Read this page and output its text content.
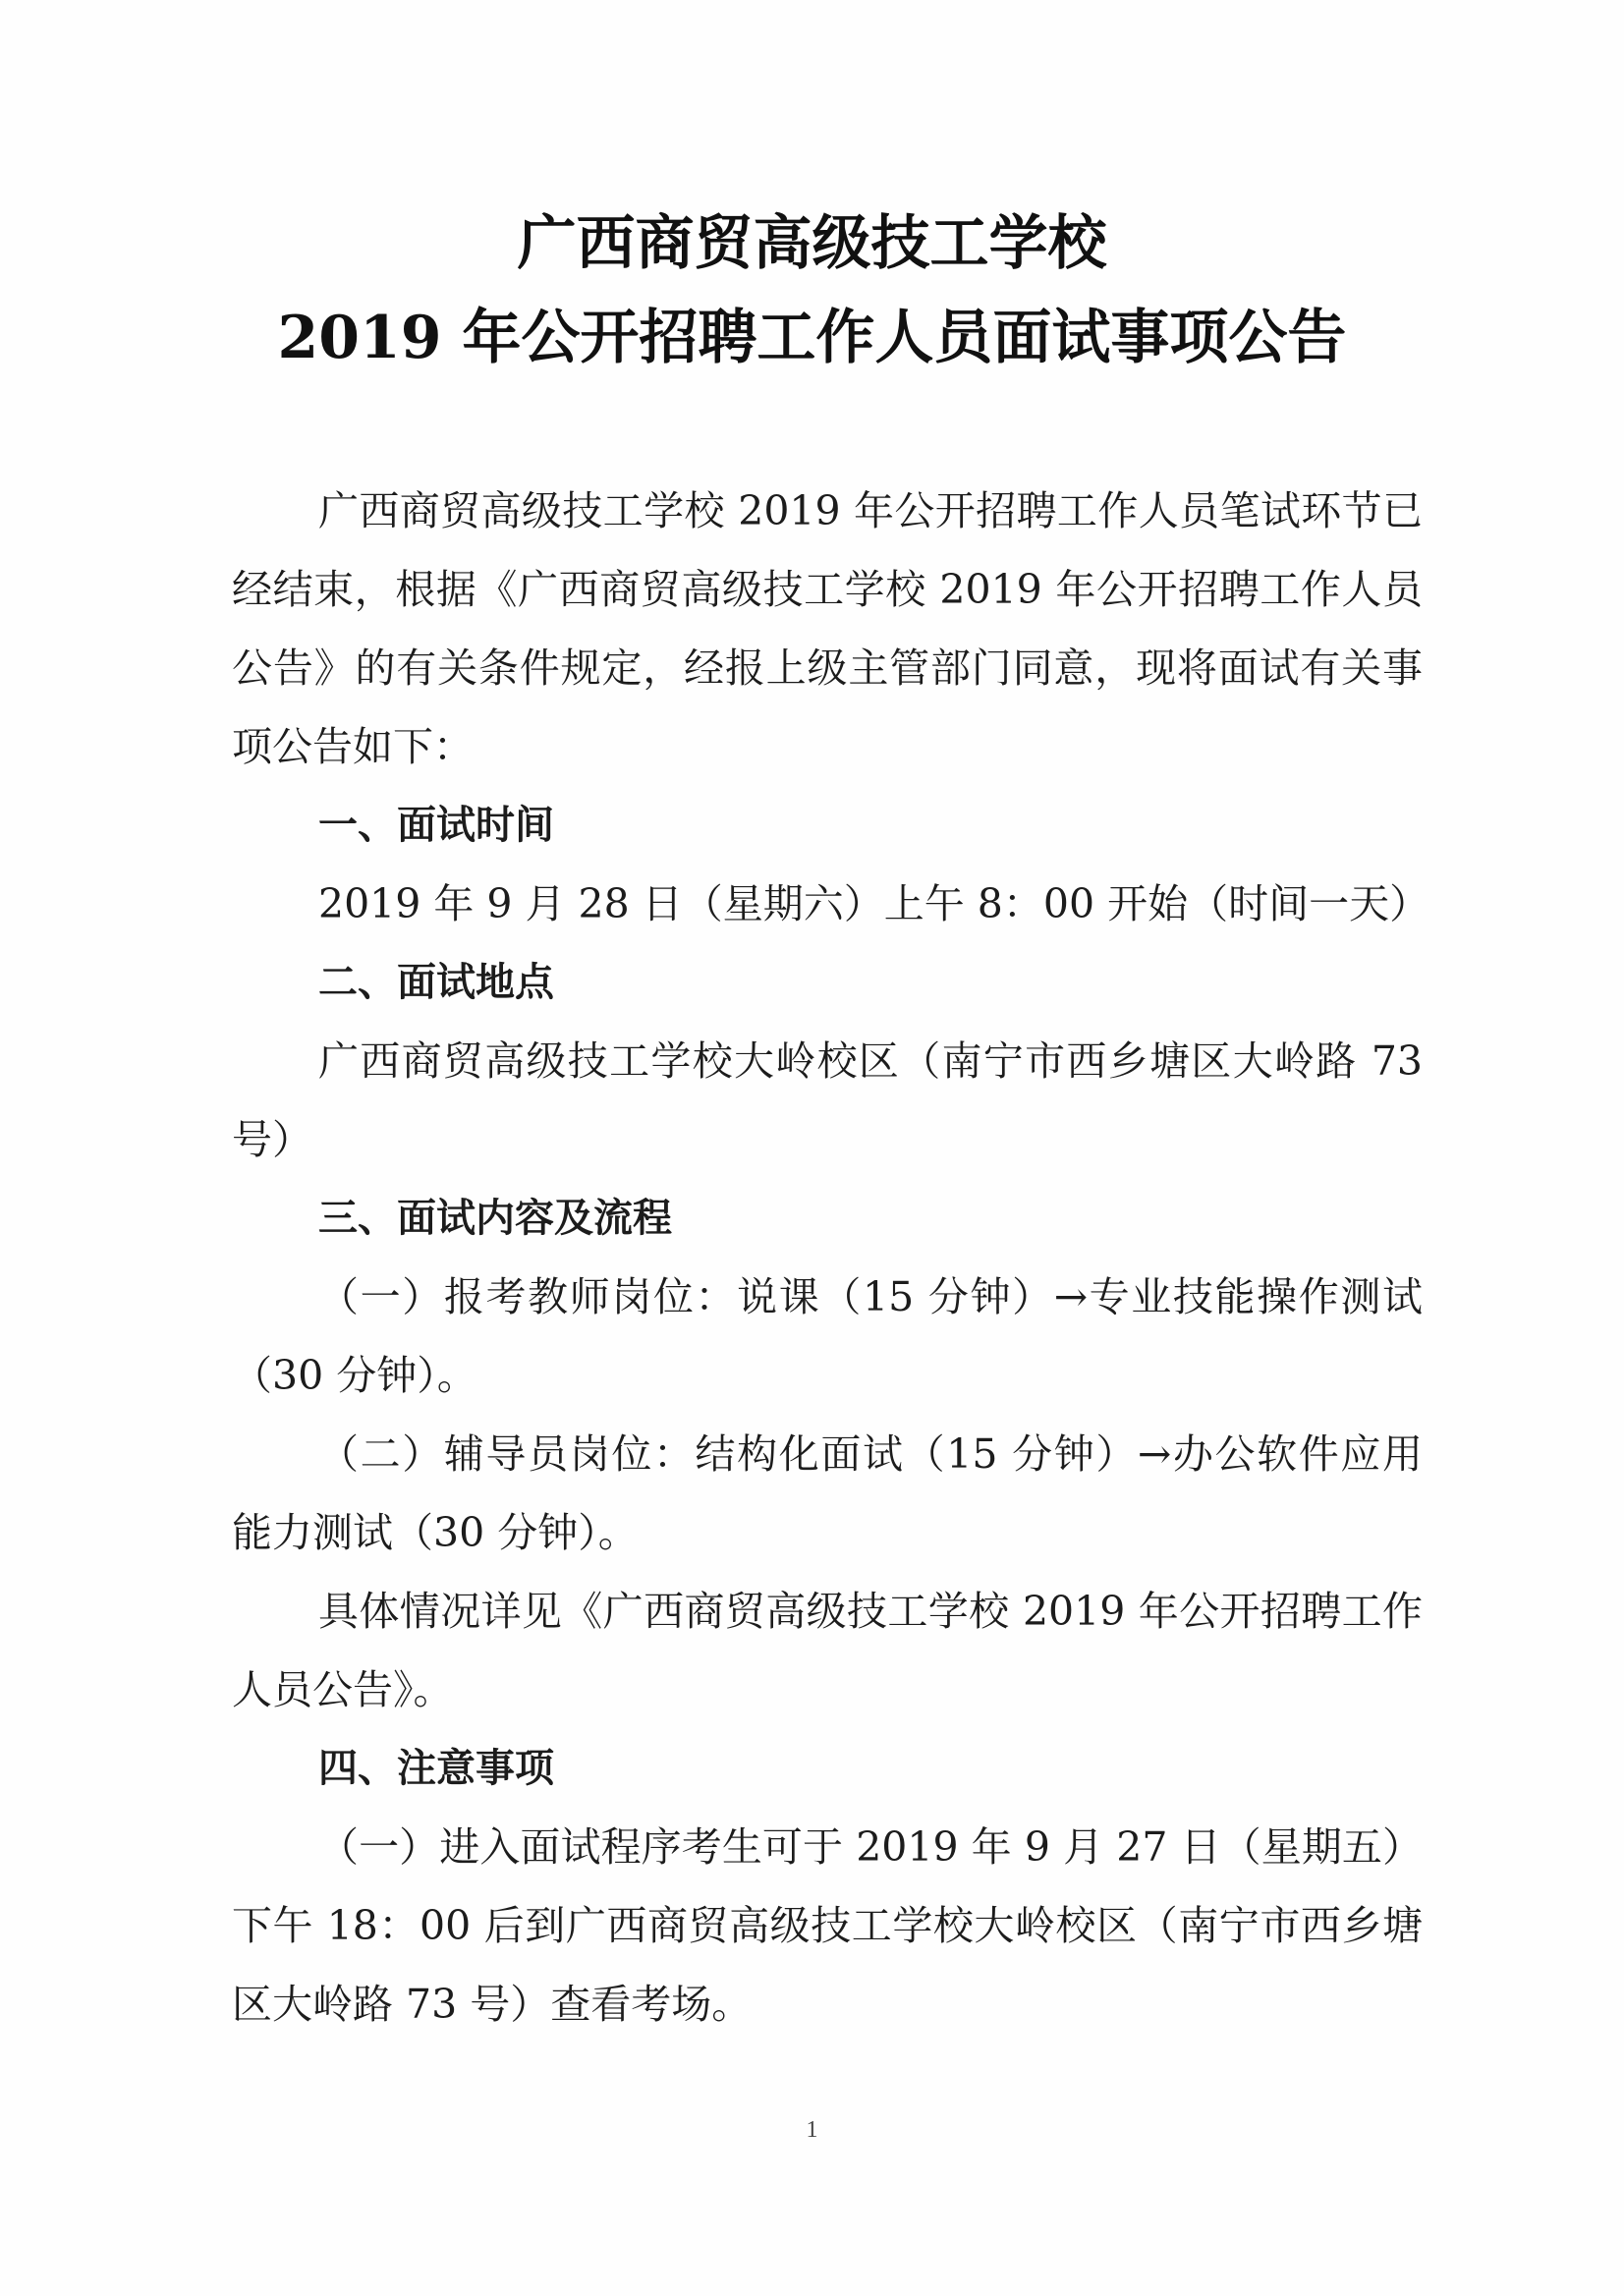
广西商贸高级技工学校
2019 年公开招聘工作人员面试事项公告
广西商贸高级技工学校 2019 年公开招聘工作人员笔试环节已经结束，根据《广西商贸高级技工学校 2019 年公开招聘工作人员公告》的有关条件规定，经报上级主管部门同意，现将面试有关事项公告如下：
一、面试时间
2019 年 9 月 28 日（星期六）上午 8：00 开始（时间一天）
二、面试地点
广西商贸高级技工学校大岭校区（南宁市西乡塘区大岭路 73 号）
三、面试内容及流程
（一）报考教师岗位：说课（15 分钟）→专业技能操作测试（30 分钟）。
（二）辅导员岗位：结构化面试（15 分钟）→办公软件应用能力测试（30 分钟）。
具体情况详见《广西商贸高级技工学校 2019 年公开招聘工作人员公告》。
四、注意事项
（一）进入面试程序考生可于 2019 年 9 月 27 日（星期五）下午 18：00 后到广西商贸高级技工学校大岭校区（南宁市西乡塘区大岭路 73 号）查看考场。
1
